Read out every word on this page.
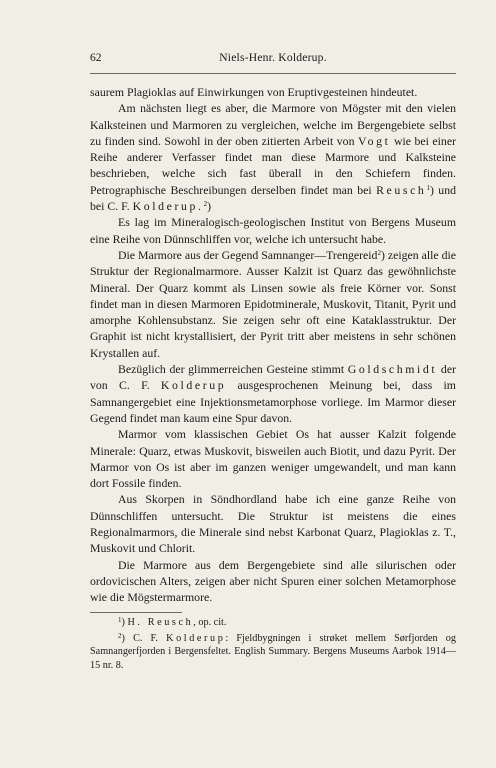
62	Niels-Henr. Kolderup.

saurem Plagioklas auf Einwirkungen von Eruptivgesteinen hindeutet.

Am nächsten liegt es aber, die Marmore von Mögster mit den vielen Kalksteinen und Marmoren zu vergleichen, welche im Bergengebiete selbst zu finden sind. Sowohl in der oben zitierten Arbeit von Vogt wie bei einer Reihe anderer Verfasser findet man diese Marmore und Kalksteine beschrieben, welche sich fast überall in den Schiefern finden. Petrographische Beschreibungen derselben findet man bei Reusch$^1$) und bei C. F. Kolderup.$^2$)

Es lag im Mineralogisch-geologischen Institut von Bergens Museum eine Reihe von Dünnschliffen vor, welche ich untersucht habe.

Die Marmore aus der Gegend Samnanger—Trengereid$^2$) zeigen alle die Struktur der Regionalmarmore. Ausser Kalzit ist Quarz das gewöhnlichste Mineral. Der Quarz kommt als Linsen sowie als freie Körner vor. Sonst findet man in diesen Marmoren Epidotminerale, Muskovit, Titanit, Pyrit und amorphe Kohlensubstanz. Sie zeigen sehr oft eine Kataklasstruktur. Der Graphit ist nicht krystallisiert, der Pyrit tritt aber meistens in sehr schönen Krystallen auf.

Bezüglich der glimmerreichen Gesteine stimmt Goldschmidt der von C. F. Kolderup ausgesprochenen Meinung bei, dass im Samnangergebiet eine Injektionsmetamorphose vorliege. Im Marmor dieser Gegend findet man kaum eine Spur davon.

Marmor vom klassischen Gebiet Os hat ausser Kalzit folgende Minerale: Quarz, etwas Muskovit, bisweilen auch Biotit, und dazu Pyrit. Der Marmor von Os ist aber im ganzen weniger umgewandelt, und man kann dort Fossile finden.

Aus Skorpen in Söndhordland habe ich eine ganze Reihe von Dünnschliffen untersucht. Die Struktur ist meistens die eines Regionalmarmors, die Minerale sind nebst Karbonat Quarz, Plagioklas z. T., Muskovit und Chlorit.

Die Marmore aus dem Bergengebiete sind alle silurischen oder ordovicischen Alters, zeigen aber nicht Spuren einer solchen Metamorphose wie die Mögstermarmore.

$^1$) H. Reusch, op. cit.

$^2$) C. F. Kolderup: Fjeldbygningen i strøket mellem Sørfjorden og Samnangerfjorden i Bergensfeltet. English Summary. Bergens Museums Aarbok 1914—15 nr. 8.
